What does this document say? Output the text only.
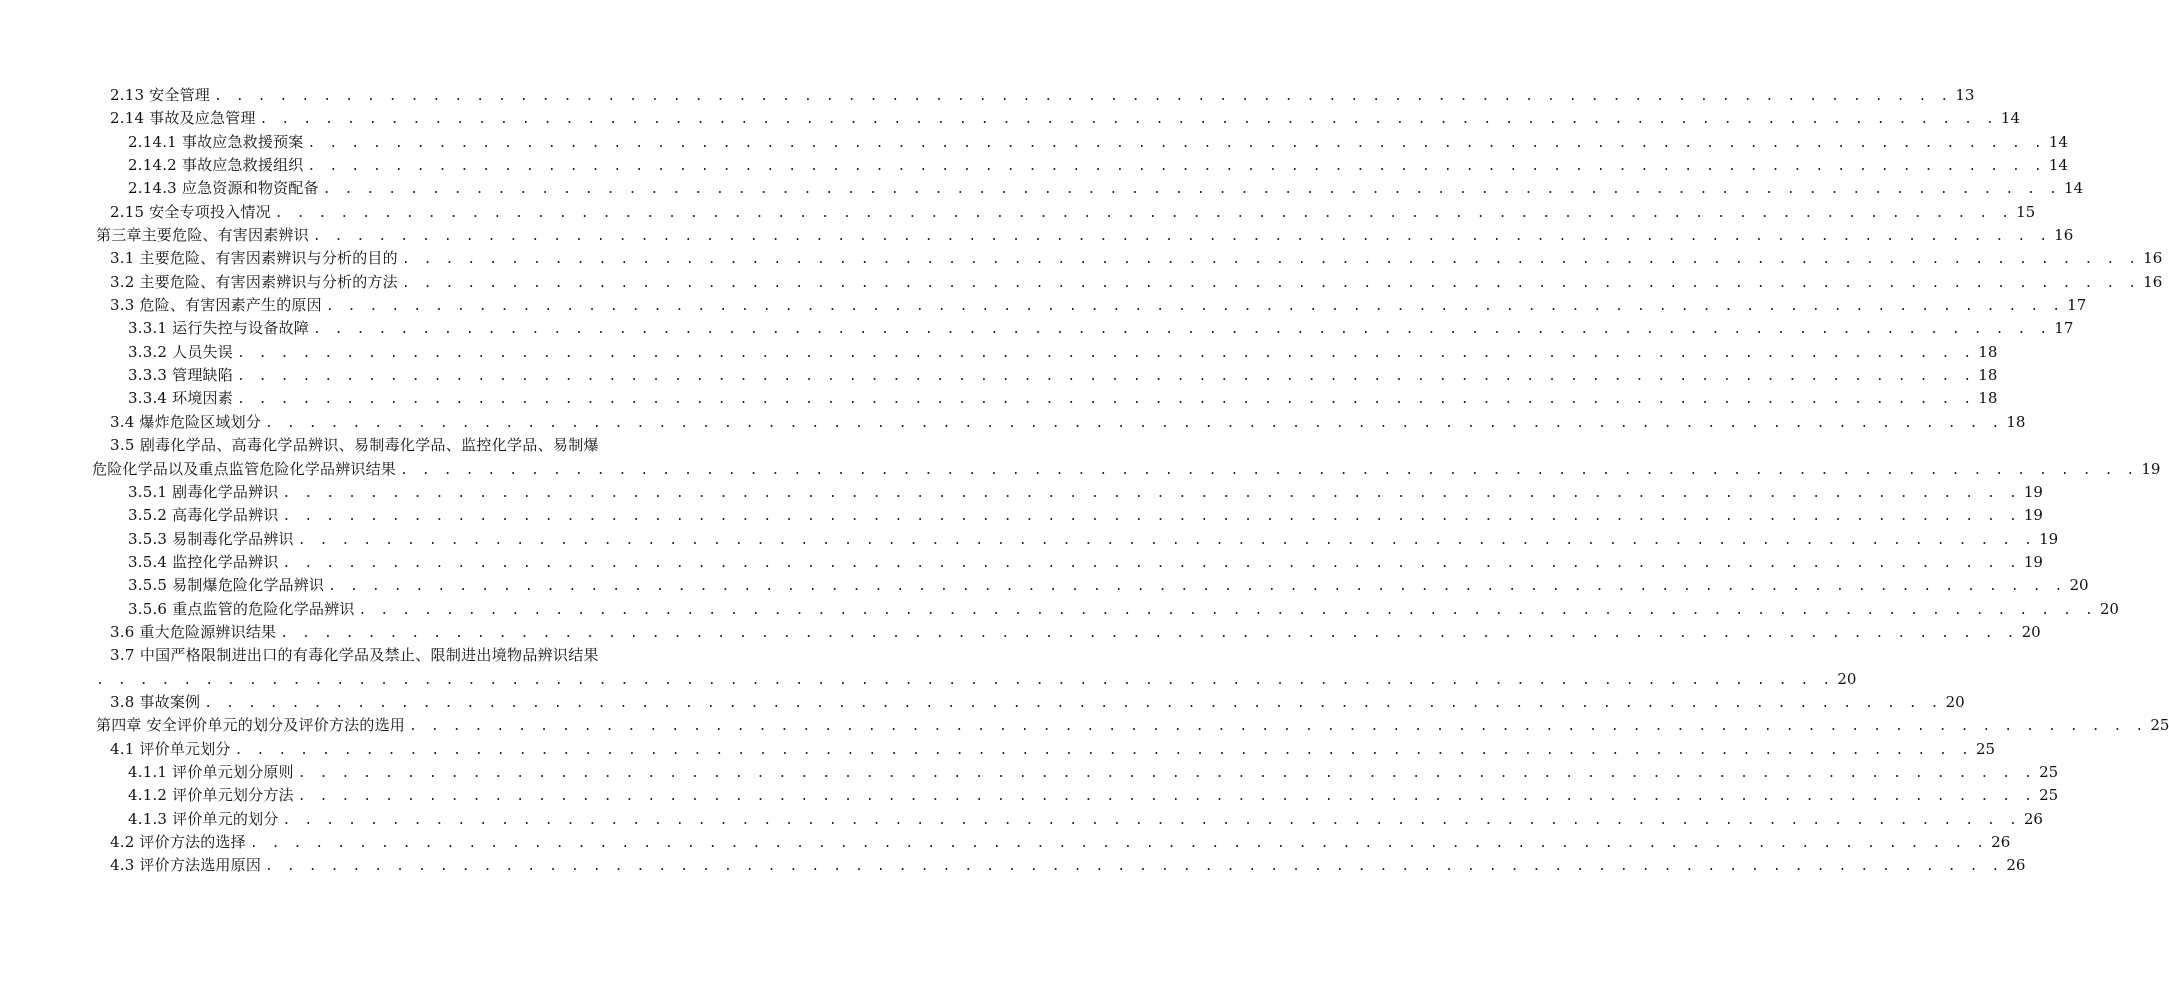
2.13 安全管理 . . . . . . . . . . . . . . . . . . . . . . . . . . . . . . . . . . . . . . . . . . . . . . . . . . . . . . . . . . . . . . . . . . . . . . . . . . . . . . . . 13
2.14 事故及应急管理 . . . . . . . . . . . . . . . . . . . . . . . . . . . . . . . . . . . . . . . . . . . . . . . . . . . . . . . . . . . . . . . . . . . . . . . . . . . . . . . . 14
2.14.1 事故应急救援预案 . . . . . . . . . . . . . . . . . . . . . . . . . . . . . . . . . . . . . . . . . . . . . . . . . . . . . . . . . . . . . . . . . . . . . . . . . . . . . . . . 14
2.14.2 事故应急救援组织 . . . . . . . . . . . . . . . . . . . . . . . . . . . . . . . . . . . . . . . . . . . . . . . . . . . . . . . . . . . . . . . . . . . . . . . . . . . . . . . . 14
2.14.3 应急资源和物资配备 . . . . . . . . . . . . . . . . . . . . . . . . . . . . . . . . . . . . . . . . . . . . . . . . . . . . . . . . . . . . . . . . . . . . . . . . . . . . . . . . 14
2.15 安全专项投入情况 . . . . . . . . . . . . . . . . . . . . . . . . . . . . . . . . . . . . . . . . . . . . . . . . . . . . . . . . . . . . . . . . . . . . . . . . . . . . . . . . 15
第三章主要危险、有害因素辨识 . . . . . . . . . . . . . . . . . . . . . . . . . . . . . . . . . . . . . . . . . . . . . . . . . . . . . . . . . . . . . . . . . . . . . . . . . . . . . . . . 16
3.1 主要危险、有害因素辨识与分析的目的 . . . . . . . . . . . . . . . . . . . . . . . . . . . . . . . . . . . . . . . . . . . . . . . . . . . . . . . . . . . . . . . . . . . . . . . . . . . . . . . . 16
3.2 主要危险、有害因素辨识与分析的方法 . . . . . . . . . . . . . . . . . . . . . . . . . . . . . . . . . . . . . . . . . . . . . . . . . . . . . . . . . . . . . . . . . . . . . . . . . . . . . . . . 16
3.3 危险、有害因素产生的原因 . . . . . . . . . . . . . . . . . . . . . . . . . . . . . . . . . . . . . . . . . . . . . . . . . . . . . . . . . . . . . . . . . . . . . . . . . . . . . . . . 17
3.3.1 运行失控与设备故障 . . . . . . . . . . . . . . . . . . . . . . . . . . . . . . . . . . . . . . . . . . . . . . . . . . . . . . . . . . . . . . . . . . . . . . . . . . . . . . . . 17
3.3.2 人员失误 . . . . . . . . . . . . . . . . . . . . . . . . . . . . . . . . . . . . . . . . . . . . . . . . . . . . . . . . . . . . . . . . . . . . . . . . . . . . . . . . 18
3.3.3 管理缺陷 . . . . . . . . . . . . . . . . . . . . . . . . . . . . . . . . . . . . . . . . . . . . . . . . . . . . . . . . . . . . . . . . . . . . . . . . . . . . . . . . 18
3.3.4 环境因素 . . . . . . . . . . . . . . . . . . . . . . . . . . . . . . . . . . . . . . . . . . . . . . . . . . . . . . . . . . . . . . . . . . . . . . . . . . . . . . . . 18
3.4 爆炸危险区域划分 . . . . . . . . . . . . . . . . . . . . . . . . . . . . . . . . . . . . . . . . . . . . . . . . . . . . . . . . . . . . . . . . . . . . . . . . . . . . . . . . 18
3.5 剧毒化学品、高毒化学品辨识、易制毒化学品、监控化学品、易制爆
危险化学品以及重点监管危险化学品辨识结果 . . . . . . . . . . . . . . . . . . . . . . . . . . . . . . . . . . . . . . . . . . . . . . . . . . . . . . . . . . . . . . . . . . . . . . . . . . . . . . . . 19
3.5.1 剧毒化学品辨识 . . . . . . . . . . . . . . . . . . . . . . . . . . . . . . . . . . . . . . . . . . . . . . . . . . . . . . . . . . . . . . . . . . . . . . . . . . . . . . . . 19
3.5.2 高毒化学品辨识 . . . . . . . . . . . . . . . . . . . . . . . . . . . . . . . . . . . . . . . . . . . . . . . . . . . . . . . . . . . . . . . . . . . . . . . . . . . . . . . . 19
3.5.3 易制毒化学品辨识 . . . . . . . . . . . . . . . . . . . . . . . . . . . . . . . . . . . . . . . . . . . . . . . . . . . . . . . . . . . . . . . . . . . . . . . . . . . . . . . . 19
3.5.4 监控化学品辨识 . . . . . . . . . . . . . . . . . . . . . . . . . . . . . . . . . . . . . . . . . . . . . . . . . . . . . . . . . . . . . . . . . . . . . . . . . . . . . . . . 19
3.5.5 易制爆危险化学品辨识 . . . . . . . . . . . . . . . . . . . . . . . . . . . . . . . . . . . . . . . . . . . . . . . . . . . . . . . . . . . . . . . . . . . . . . . . . . . . . . . . 20
3.5.6 重点监管的危险化学品辨识 . . . . . . . . . . . . . . . . . . . . . . . . . . . . . . . . . . . . . . . . . . . . . . . . . . . . . . . . . . . . . . . . . . . . . . . . . . . . . . . . 20
3.6 重大危险源辨识结果 . . . . . . . . . . . . . . . . . . . . . . . . . . . . . . . . . . . . . . . . . . . . . . . . . . . . . . . . . . . . . . . . . . . . . . . . . . . . . . . . 20
3.7 中国严格限制进出口的有毒化学品及禁止、限制进出境物品辨识结果
. . . . . . . . . . . . . . . . . . . . . . . . . . . . . . . . . . . . . . . . . . . . . . . . . . . . . . . . . . . . . . . . . . . . . . . . . . . . . . . . 20
3.8 事故案例 . . . . . . . . . . . . . . . . . . . . . . . . . . . . . . . . . . . . . . . . . . . . . . . . . . . . . . . . . . . . . . . . . . . . . . . . . . . . . . . . 20
第四章 安全评价单元的划分及评价方法的选用 . . . . . . . . . . . . . . . . . . . . . . . . . . . . . . . . . . . . . . . . . . . . . . . . . . . . . . . . . . . . . . . . . . . . . . . . . . . . . . . . 25
4.1 评价单元划分 . . . . . . . . . . . . . . . . . . . . . . . . . . . . . . . . . . . . . . . . . . . . . . . . . . . . . . . . . . . . . . . . . . . . . . . . . . . . . . . . 25
4.1.1 评价单元划分原则 . . . . . . . . . . . . . . . . . . . . . . . . . . . . . . . . . . . . . . . . . . . . . . . . . . . . . . . . . . . . . . . . . . . . . . . . . . . . . . . . 25
4.1.2 评价单元划分方法 . . . . . . . . . . . . . . . . . . . . . . . . . . . . . . . . . . . . . . . . . . . . . . . . . . . . . . . . . . . . . . . . . . . . . . . . . . . . . . . . 25
4.1.3 评价单元的划分 . . . . . . . . . . . . . . . . . . . . . . . . . . . . . . . . . . . . . . . . . . . . . . . . . . . . . . . . . . . . . . . . . . . . . . . . . . . . . . . . 26
4.2 评价方法的选择 . . . . . . . . . . . . . . . . . . . . . . . . . . . . . . . . . . . . . . . . . . . . . . . . . . . . . . . . . . . . . . . . . . . . . . . . . . . . . . . . 26
4.3 评价方法选用原因 . . . . . . . . . . . . . . . . . . . . . . . . . . . . . . . . . . . . . . . . . . . . . . . . . . . . . . . . . . . . . . . . . . . . . . . . . . . . . . . . 26
